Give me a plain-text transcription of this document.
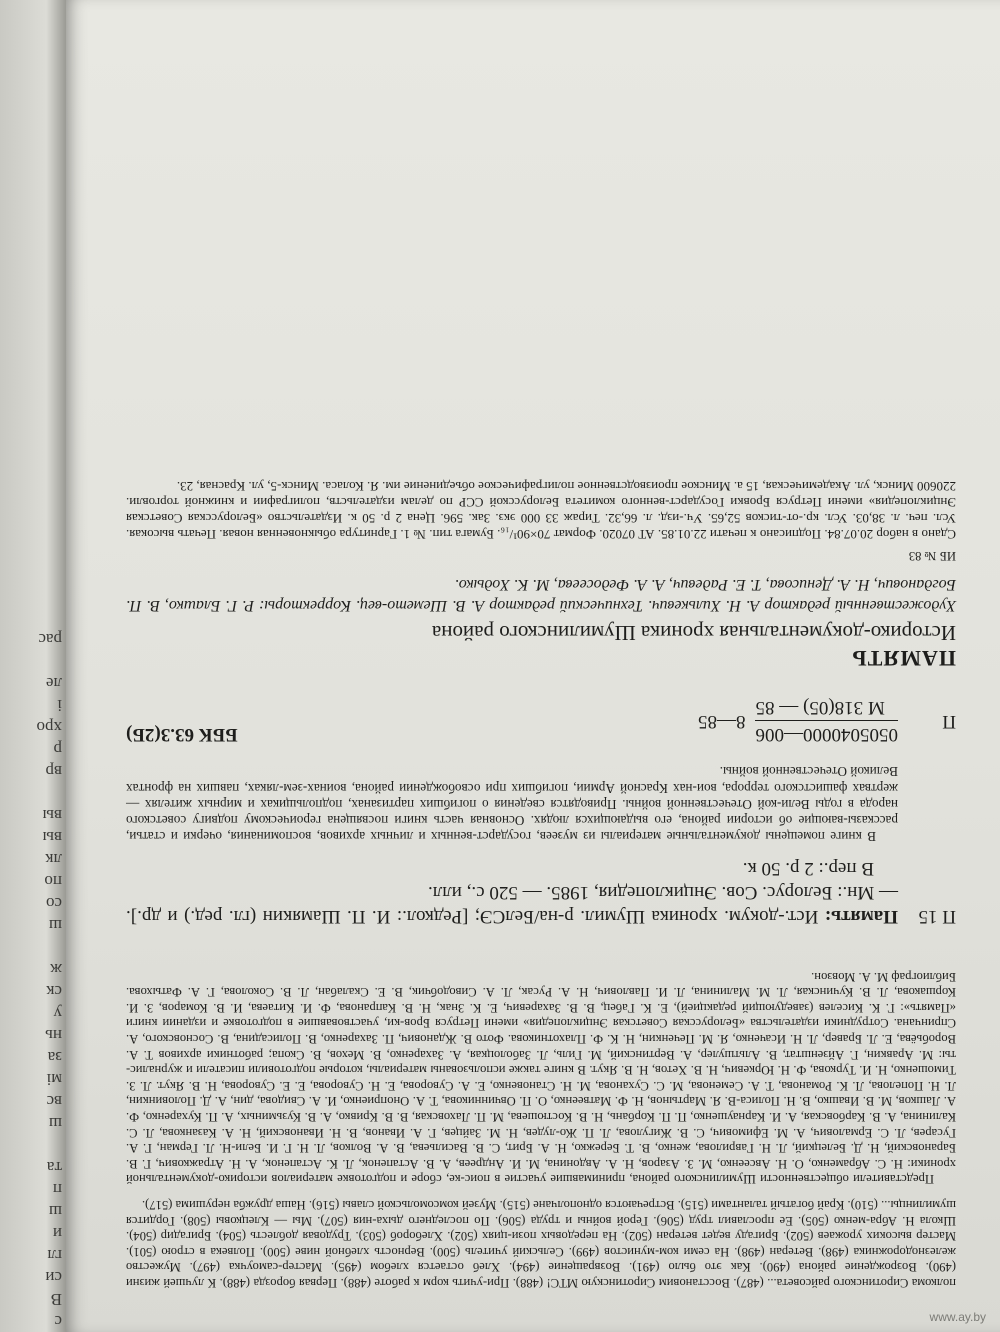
с
В
си
гл
и
ш
п
та
ш
вс
мі
за
нь
у
ск
ж
ш
со
по
лк
вы
вы
вр
р
хро
і
ле
рас

полкома Сиротинского райсовета... (487). Восстановим Сиротинскую МТС! (488). При-учить корм к работе (488). Первая борозда (488). К лучшей жизни (490). Возрождение района (490). Как это было (491). Возвращение (494). Хлеб остается хлебом (495). Мастер-самоучка (497). Мужество железнодорожника (498). Ветеран (498). На семи ком-мунистов (499). Сельский учитель (500). Верность хлебной ниве (500). Полвека в строю (501). Мастер высоких урожаев (502). Бригаду ведет ветеран (502). На передовых пози-циях (502). Хлебороб (503). Трудовая доблесть (504). Бригадир (504). Школа Н. Абра-менко (505). Ее прославил труд (506). Герой войны и труда (506). По последнего дыха-ния (507). Мы — Клецковы (508). Гордится шумилинцы... (510). Край богатый талантами (515). Встречаются однополчане (515). Музей комсомольской славы (516). Наша дружба нерушима (517).

Представители общественности Шумилинского района, принимавшие участие в поис-ке, сборе и подготовке материалов историко-документальной хроники: Н. С. Абраменко, О. Н. Авсеенко, М. З. Азаров, Н. А. Авдонина, М. И. Андреев, А. В. Астапенок, Л. К. Астапенок, А. Н. Атражкович, Г. В. Барановский, Н. Д. Белецкий, Л. Н. Гаврилова, женко, В. Т. Бережко, Н. А. Брит, С. В. Васильева, В. А. Волков, Л. Н. Г. И. Бели-Н. Л. Герман, Г. А. Гусарев, Л. С. Ермалович, А. М. Ефимович, С. В. Жигулова, Л. П. Жо-лудев, Н. М. Зайцев, Г. А. Иванов, В. Н. Ивановский, Н. А. Казанкова, Л. С. Калинина, А. В. Карбовская, А. И. Карнаушенко, П. П. Корбань, Н. В. Костюшева, М. П. Лаховская, В. В. Кривко, А. В. Кузьминых, А. П. Кухаренко, Ф. А. Лашков, М. В. Ивашко, В. Н. Полиса-В. Я. Мартынов, Н. Ф. Матвеенко, О. П. Овчинникова, Т. А. Оноприенко, И. А. Свидова, дин, А. Д. Половинкин, Л. Н. Попелова, Л. К. Романова, Т. А. Семенова, М. С. Суханова, М. Н. Становенко, Е. А. Суворова, Е. Н. Суворова, Е. Е. Суворова, Н. В. Якут. Л. З. Тимошенко, Н. И. Туркова, Ф. Н. Юркевич, Н. В. Хетов, Н. В. Якут. В книге также использованы материалы, которые подготовили писатели и журналис-ты: М. Аравкин, Г. Айзенштат, В. Альтшулер, А. Вертинский, М. Гиль, Л. Заболоцкая, А. Захаренко, В. Мехов, В. Скопа; работники архивов Т. А. Воробьёва, Е. Л. Бравер, Л. Н. Исаченко, Я. М. Печенкин, Н. К. Ф. Плахотникова. Фото В. Жданович, П. Захаренко, В. Полисадина, В. Сосновского, А. Спринчана. Сотрудники издательства «Белорусская Советская Энциклопедия» имени Петруся Бров-ки, участвовавшие в подготовке и издании книги «Память»: Г. К. Киселев (заведующий редакцией), Е. К. Габец, В. В. Захаревич, Е. К. Знак, Н. В. Капранова, Ф. И. Китаева, И. В. Комаров, З. И. Коршакова, Л. В. Кучинская, Л. М. Малинина, Л. И. Павлович, Н. А. Русак, Л. А. Сиводобчик, В. Е. Скалабан, Л. В. Соколова, Г. А. Фатыхова. Библиограф М. А. Мовзон.

П 15
Память: Ист.-докум. хроника Шумил. р-на/БелСЭ; [Редкол.: И. П. Шамякин (гл. ред.) и др.]. — Мн.: Белорус. Сов. Энциклопедия, 1985. — 520 с., илл.
В пер.: 2 р. 50 к.
В книге помещены документальные материалы из музеев, государст-венных и личных архивов, воспоминания, очерки и статьи, рассказы-вающие об истории района, его выдающихся людях. Основная часть книги посвящена героическому подвигу советского народа в годы Вели-кой Отечественной войны. Приводятся сведения о погибших партизанах, подпольщиках и мирных жителях — жертвах фашистского террора, вои-нах Красной Армии, погибших при освобождении района, воинах-зем-ляках, павших на фронтах Великой Отечественной войны.
П
0505040000—006
М 318(05) — 85
8—85
ББК 63.3(2Б)
ПАМЯТЬ
Историко-документальная хроника Шумилинского района
Художественный редактор А. Н. Хилькевич. Технический редактор А. В. Шемето-вец. Корректоры: Р. Г. Блашко, В. П. Богданович, Н. А. Денисова, Т. Е. Радевич, А. А. Федосеева, М. К. Ходыко.
ИБ № 83
Сдано в набор 20.07.84. Подписано к печати 22.01.85. АТ 07020. Формат 70×90¹/₁₆. Бумага тип. № 1. Гарнитура обыкновенная новая. Печать высокая. Усл. печ. л. 38,03. Усл. кр.-от-тисков 52,65. Уч.-изд. л. 66,32. Тираж 33 000 экз. Зак. 596. Цена 2 р. 50 к. Издательство «Белорусская Советская Энциклопедия» имени Петруся Бровки Государст-венного комитета Белорусской ССР по делам издательств, полиграфии и книжной торговли. 220600 Минск, ул. Академическая, 15 а. Минское производственное полиграфическое объединение им. Я. Коласа. Минск-5, ул. Красная, 23.
www.ay.by
